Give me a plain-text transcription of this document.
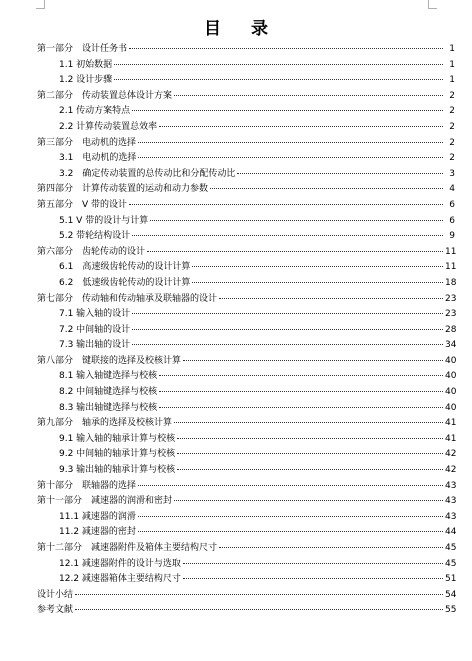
目 录
第一部分　设计任务书	1
1.1 初始数据	1
1.2 设计步骤	1
第二部分　传动装置总体设计方案	2
2.1 传动方案特点	2
2.2 计算传动装置总效率	2
第三部分　电动机的选择	2
3.1　电动机的选择	2
3.2　确定传动装置的总传动比和分配传动比	3
第四部分　计算传动装置的运动和动力参数	4
第五部分　V 带的设计	6
5.1 V 带的设计与计算	6
5.2 带轮结构设计	9
第六部分　齿轮传动的设计	11
6.1　高速级齿轮传动的设计计算	11
6.2　低速级齿轮传动的设计计算	18
第七部分　传动轴和传动轴承及联轴器的设计	23
7.1 输入轴的设计	23
7.2 中间轴的设计	28
7.3 输出轴的设计	34
第八部分　键联接的选择及校核计算	40
8.1 输入轴键选择与校核	40
8.2 中间轴键选择与校核	40
8.3 输出轴键选择与校核	40
第九部分　轴承的选择及校核计算	41
9.1 输入轴的轴承计算与校核	41
9.2 中间轴的轴承计算与校核	42
9.3 输出轴的轴承计算与校核	42
第十部分　联轴器的选择	43
第十一部分　减速器的润滑和密封	43
11.1 减速器的润滑	43
11.2 减速器的密封	44
第十二部分　减速器附件及箱体主要结构尺寸	45
12.1 减速器附件的设计与选取	45
12.2 减速器箱体主要结构尺寸	51
设计小结	54
参考文献	55
